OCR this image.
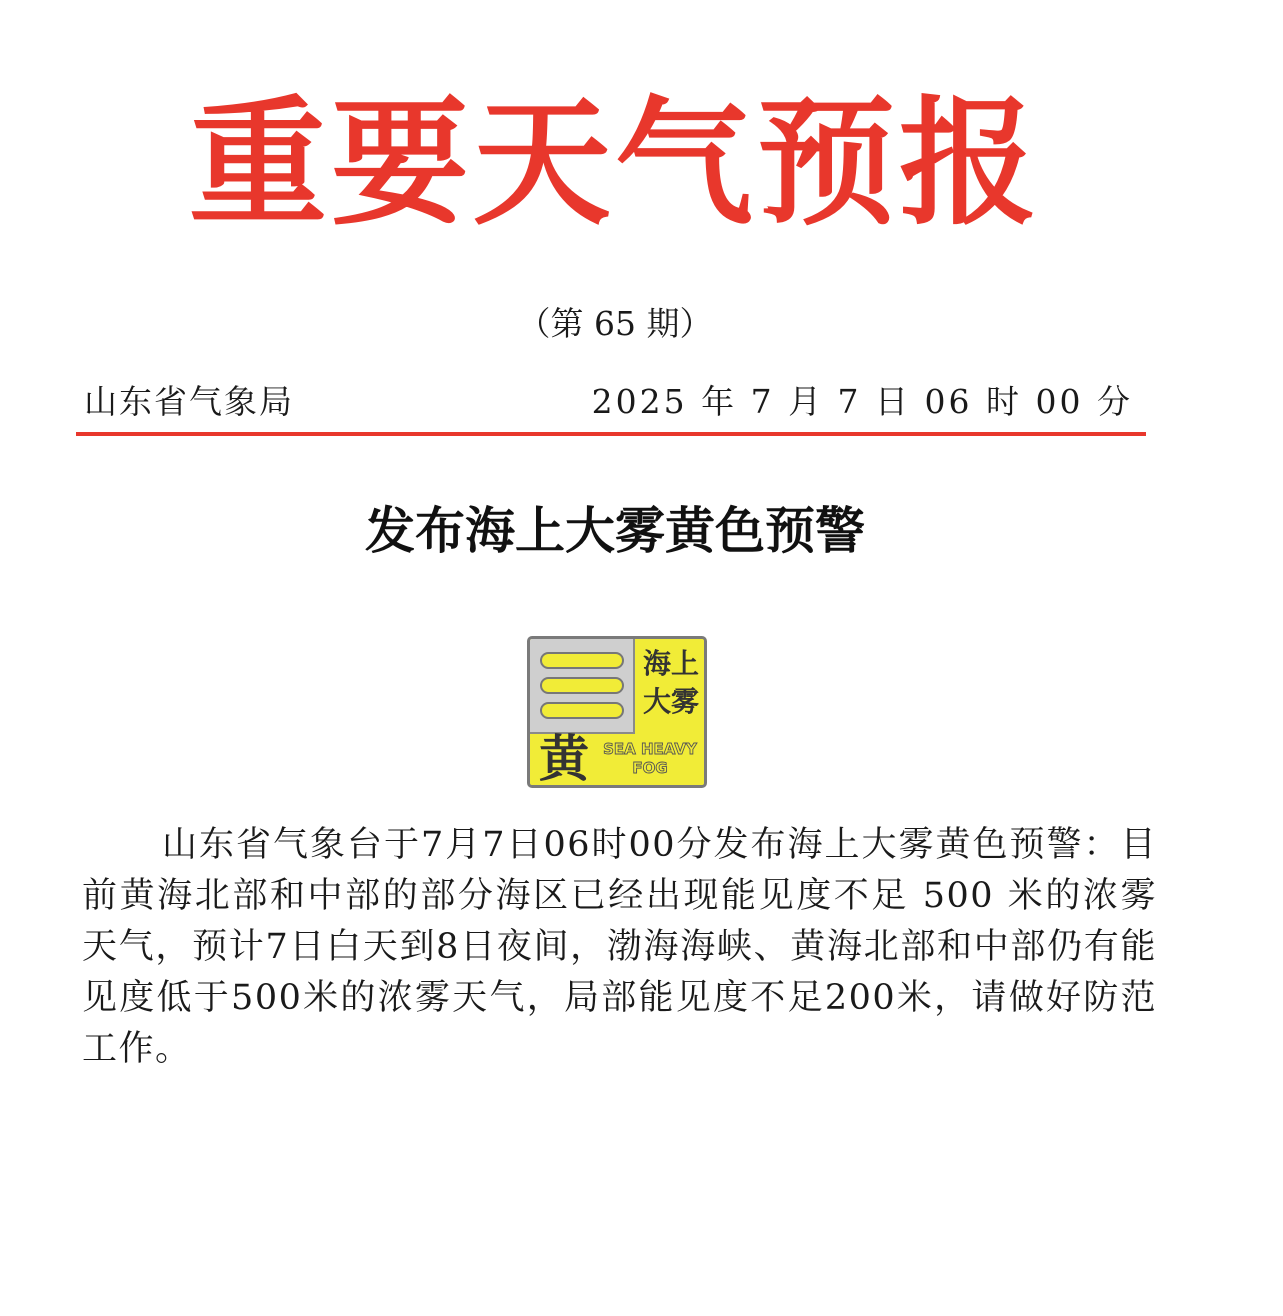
重要天气预报
（第 65 期）
山东省气象局	2025 年 7 月 7 日 06 时 00 分
发布海上大雾黄色预警
海上
大雾
黄 SEA HEAVY
FOG

山东省气象台于7月7日06时00分发布海上大雾黄色预警：目前黄海北部和中部的部分海区已经出现能见度不足 500 米的浓雾天气，预计7日白天到8日夜间，渤海海峡、黄海北部和中部仍有能见度低于500米的浓雾天气，局部能见度不足200米，请做好防范工作。
